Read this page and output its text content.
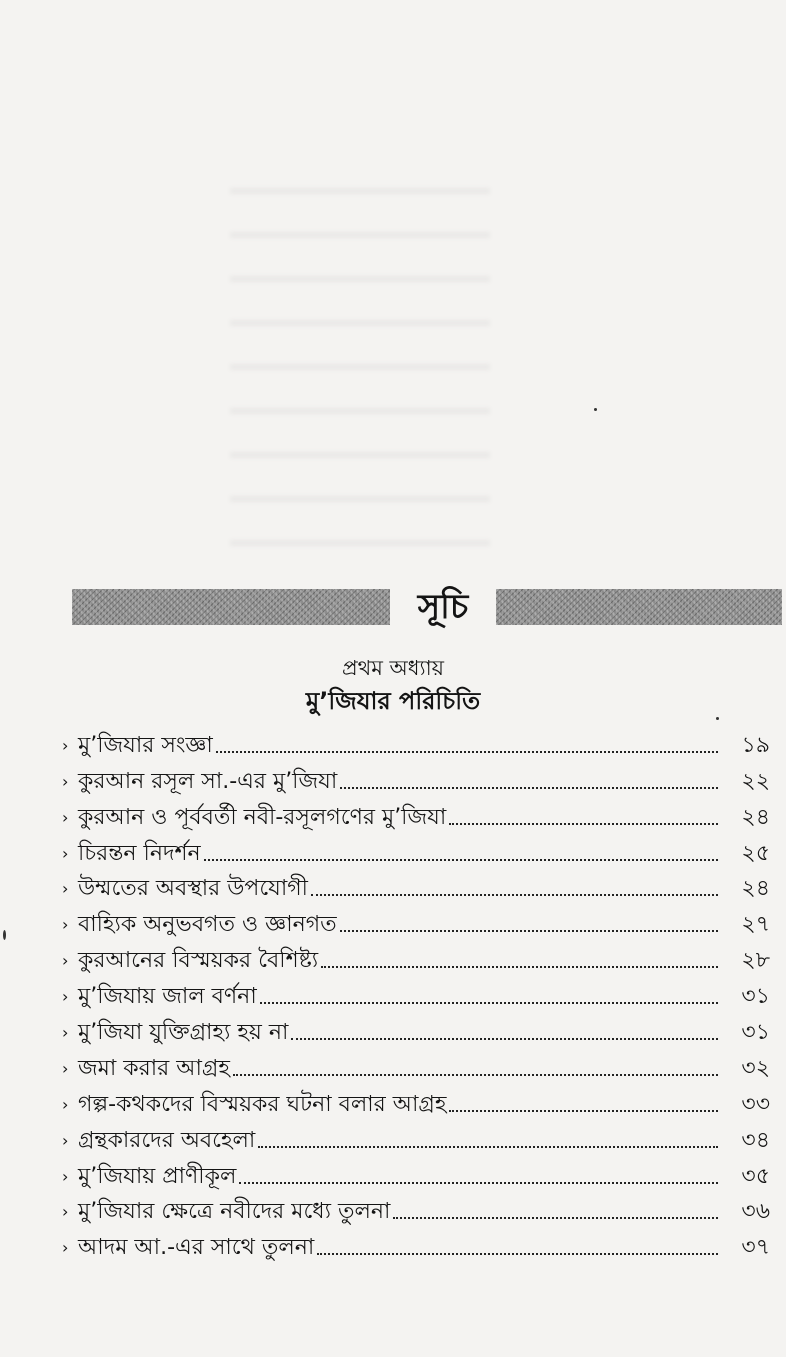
সূচি
প্রথম অধ্যায়
মু’জিযার পরিচিতি
› মু’জিযার সংজ্ঞা	১৯
› কুরআন রসূল সা.-এর মু’জিযা	২২
› কুরআন ও পূর্ববর্তী নবী-রসূলগণের মু’জিযা	২৪
› চিরন্তন নিদর্শন	২৫
› উম্মতের অবস্থার উপযোগী	২৪
› বাহ্যিক অনুভবগত ও জ্ঞানগত	২৭
› কুরআনের বিস্ময়কর বৈশিষ্ট্য	২৮
› মু’জিযায় জাল বর্ণনা	৩১
› মু’জিযা যুক্তিগ্রাহ্য হয় না	৩১
› জমা করার আগ্রহ	৩২
› গল্প-কথকদের বিস্ময়কর ঘটনা বলার আগ্রহ	৩৩
› গ্রন্থকারদের অবহেলা	৩৪
› মু’জিযায় প্রাণীকূল	৩৫
› মু’জিযার ক্ষেত্রে নবীদের মধ্যে তুলনা	৩৬
› আদম আ.-এর সাথে তুলনা	৩৭
